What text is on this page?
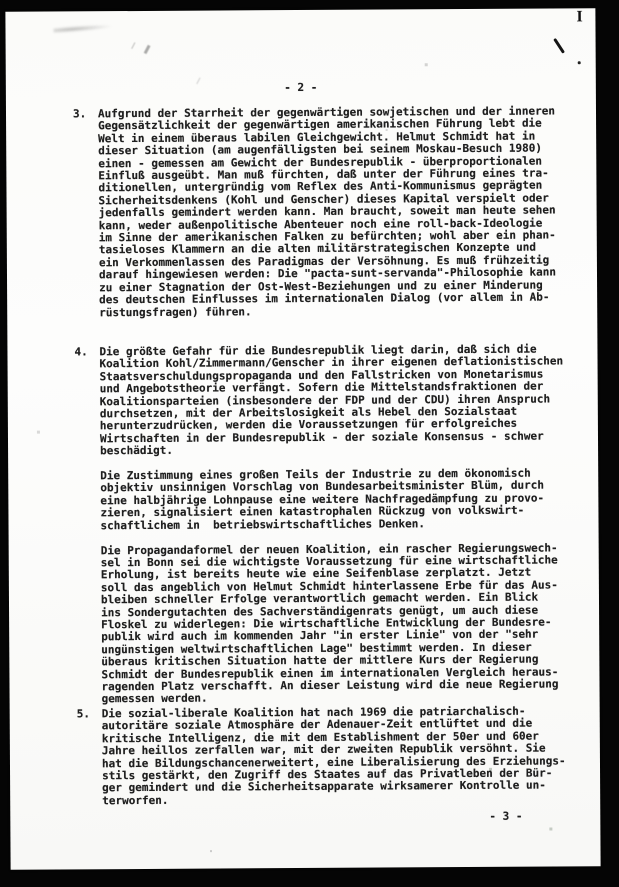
I
- 2 -
3.	Aufgrund der Starrheit der gegenwärtigen sowjetischen und der inneren
Gegensätzlichkeit der gegenwärtigen amerikanischen Führung lebt die
Welt in einem überaus labilen Gleichgewicht. Helmut Schmidt hat in
dieser Situation (am augenfälligsten bei seinem Moskau-Besuch 1980)
einen - gemessen am Gewicht der Bundesrepublik - überproportionalen
Einfluß ausgeübt. Man muß fürchten, daß unter der Führung eines tra-
ditionellen, untergründig vom Reflex des Anti-Kommunismus geprägten
Sicherheitsdenkens (Kohl und Genscher) dieses Kapital verspielt oder
jedenfalls gemindert werden kann. Man braucht, soweit man heute sehen
kann, weder außenpolitische Abenteuer noch eine roll-back-Ideologie
im Sinne der amerikanischen Falken zu befürchten; wohl aber ein phan-
tasieloses Klammern an die alten militärstrategischen Konzepte und
ein Verkommenlassen des Paradigmas der Versöhnung. Es muß frühzeitig
darauf hingewiesen werden: Die "pacta-sunt-servanda"-Philosophie kann
zu einer Stagnation der Ost-West-Beziehungen und zu einer Minderung
des deutschen Einflusses im internationalen Dialog (vor allem in Ab-
rüstungsfragen) führen.
4.	Die größte Gefahr für die Bundesrepublik liegt darin, daß sich die
Koalition Kohl/Zimmermann/Genscher in ihrer eigenen deflationistischen
Staatsverschuldungspropaganda und den Fallstricken von Monetarismus
und Angebotstheorie verfängt. Sofern die Mittelstandsfraktionen der
Koalitionsparteien (insbesondere der FDP und der CDU) ihren Anspruch
durchsetzen, mit der Arbeitslosigkeit als Hebel den Sozialstaat
herunterzudrücken, werden die Voraussetzungen für erfolgreiches
Wirtschaften in der Bundesrepublik - der soziale Konsensus - schwer
beschädigt.

Die Zustimmung eines großen Teils der Industrie zu dem ökonomisch
objektiv unsinnigen Vorschlag von Bundesarbeitsminister Blüm, durch
eine halbjährige Lohnpause eine weitere Nachfragedämpfung zu provo-
zieren, signalisiert einen katastrophalen Rückzug von volkswirt-
schaftlichem in  betriebswirtschaftliches Denken.

Die Propagandaformel der neuen Koalition, ein rascher Regierungswech-
sel in Bonn sei die wichtigste Voraussetzung für eine wirtschaftliche
Erholung, ist bereits heute wie eine Seifenblase zerplatzt. Jetzt
soll das angeblich von Helmut Schmidt hinterlassene Erbe für das Aus-
bleiben schneller Erfolge verantwortlich gemacht werden. Ein Blick
ins Sondergutachten des Sachverständigenrats genügt, um auch diese
Floskel zu widerlegen: Die wirtschaftliche Entwicklung der Bundesre-
publik wird auch im kommenden Jahr "in erster Linie" von der "sehr
ungünstigen weltwirtschaftlichen Lage" bestimmt werden. In dieser
überaus kritischen Situation hatte der mittlere Kurs der Regierung
Schmidt der Bundesrepublik einen im internationalen Vergleich heraus-
ragenden Platz verschafft. An dieser Leistung wird die neue Regierung
gemessen werden.
5.	Die sozial-liberale Koalition hat nach 1969 die patriarchalisch-
autoritäre soziale Atmosphäre der Adenauer-Zeit entlüftet und die
kritische Intelligenz, die mit dem Establishment der 50er und 60er
Jahre heillos zerfallen war, mit der zweiten Republik versöhnt. Sie
hat die Bildungschancenerweitert, eine Liberalisierung des Erziehungs-
stils gestärkt, den Zugriff des Staates auf das Privatleben der Bür-
ger gemindert und die Sicherheitsapparate wirksamerer Kontrolle un-
terworfen.
- 3 -
